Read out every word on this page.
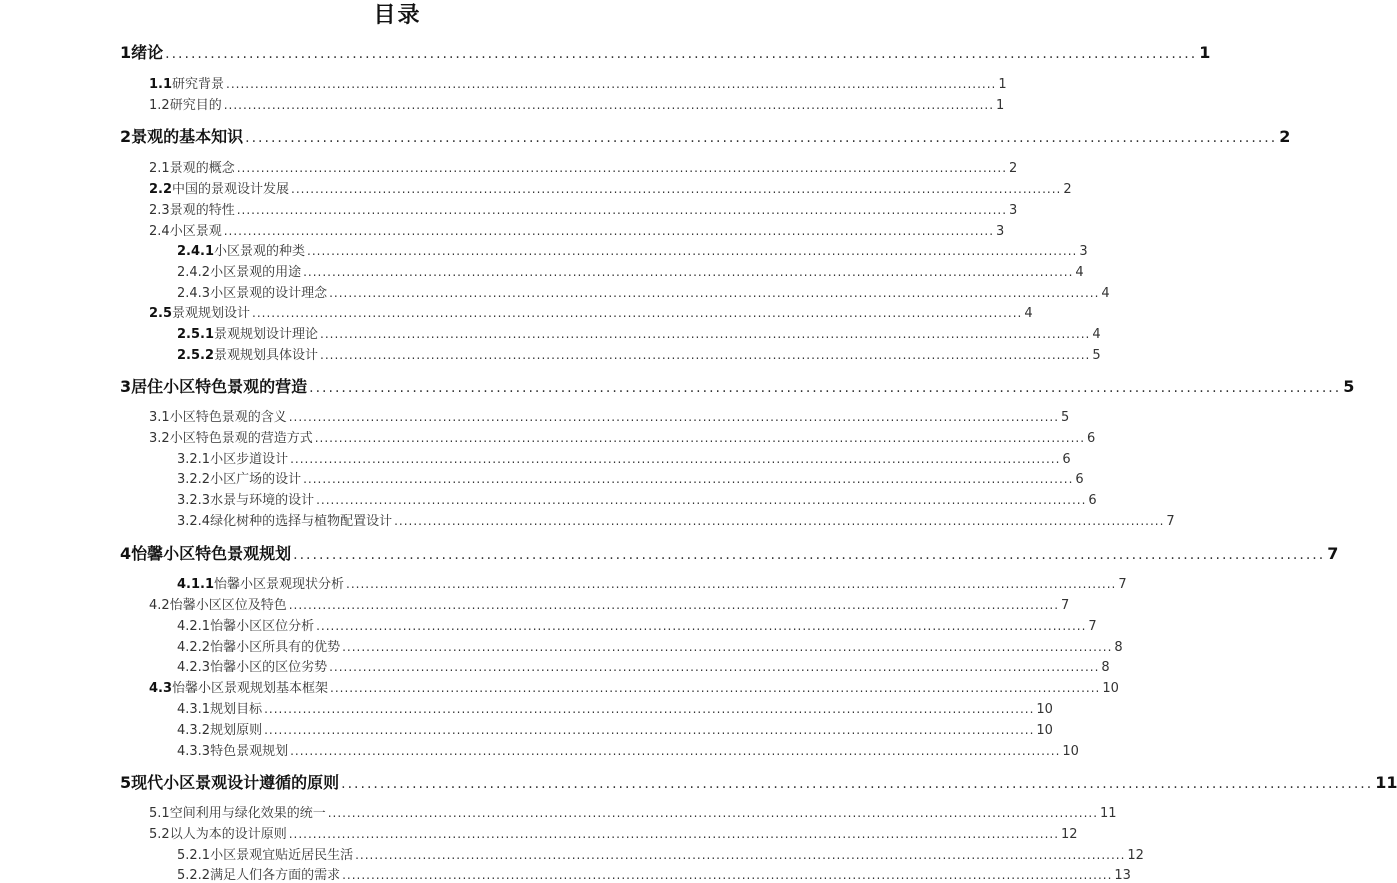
目录
1 绪论 ................................................................................................................................................................ 1
1.1 研究背景 ................................................................................................................................................................ 1
1.2 研究目的 ................................................................................................................................................................ 1
2 景观的基本知识 ................................................................................................................................................................ 2
2.1 景观的概念 ................................................................................................................................................................ 2
2.2 中国的景观设计发展 ................................................................................................................................................................ 2
2.3 景观的特性 ................................................................................................................................................................ 3
2.4 小区景观 ................................................................................................................................................................ 3
2.4.1 小区景观的种类 ................................................................................................................................................................ 3
2.4.2 小区景观的用途 ................................................................................................................................................................ 4
2.4.3 小区景观的设计理念 ................................................................................................................................................................ 4
2.5 景观规划设计 ................................................................................................................................................................ 4
2.5.1 景观规划设计理论 ................................................................................................................................................................ 4
2.5.2 景观规划具体设计 ................................................................................................................................................................ 5
3 居住小区特色景观的营造 ................................................................................................................................................................ 5
3.1 小区特色景观的含义 ................................................................................................................................................................ 5
3.2 小区特色景观的营造方式 ................................................................................................................................................................ 6
3.2.1 小区步道设计 ................................................................................................................................................................ 6
3.2.2 小区广场的设计 ................................................................................................................................................................ 6
3.2.3 水景与环境的设计 ................................................................................................................................................................ 6
3.2.4 绿化树种的选择与植物配置设计 ................................................................................................................................................................ 7
4 怡馨小区特色景观规划 ................................................................................................................................................................ 7
4.1.1 怡馨小区景观现状分析 ................................................................................................................................................................ 7
4.2 怡馨小区区位及特色 ................................................................................................................................................................ 7
4.2.1 怡馨小区区位分析 ................................................................................................................................................................ 7
4.2.2 怡馨小区所具有的优势 ................................................................................................................................................................ 8
4.2.3 怡馨小区的区位劣势 ................................................................................................................................................................ 8
4.3 怡馨小区景观规划基本框架 ................................................................................................................................................................ 10
4.3.1 规划目标 ................................................................................................................................................................ 10
4.3.2 规划原则 ................................................................................................................................................................ 10
4.3.3 特色景观规划 ................................................................................................................................................................ 10
5 现代小区景观设计遵循的原则 ................................................................................................................................................................ 11
5.1 空间利用与绿化效果的统一 ................................................................................................................................................................ 11
5.2 以人为本的设计原则 ................................................................................................................................................................ 12
5.2.1 小区景观宜贴近居民生活 ................................................................................................................................................................ 12
5.2.2 满足人们各方面的需求 ................................................................................................................................................................ 13
